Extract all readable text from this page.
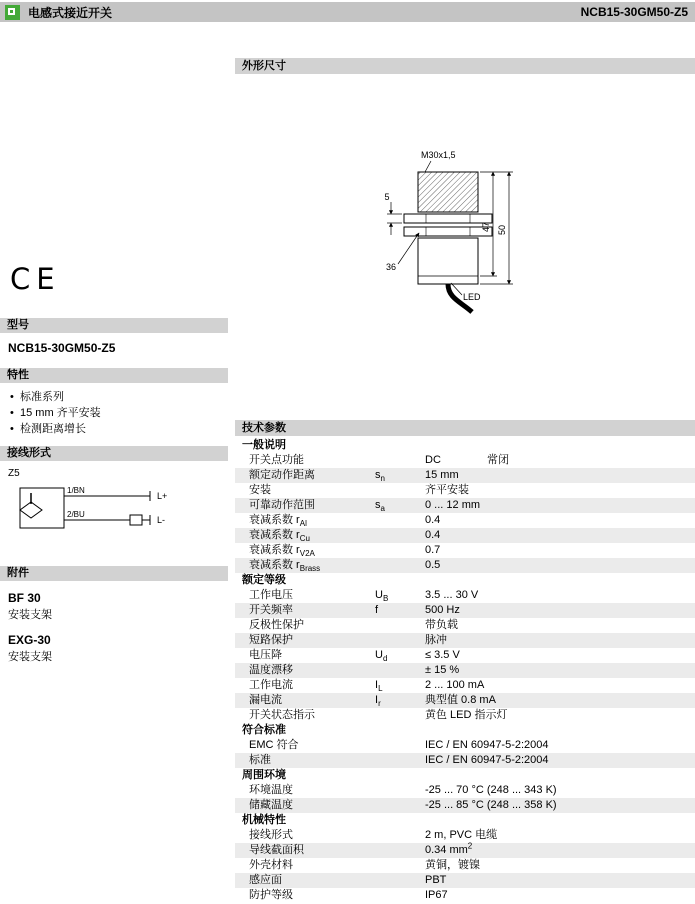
电感式接近开关	NCB15-30GM50-Z5
CE
型号
NCB15-30GM50-Z5
特性
• 标准系列
• 15 mm 齐平安装
• 检测距离增长
接线形式
Z5
1/BN
L+
2/BU
L-
附件
BF 30
安装支架
EXG-30
安装支架
外形尺寸
M30x1,5
47 50
5
36
LED
技术参数
一般说明
开关点功能	DC	常闭
额定动作距离	$s_n$	15 mm
安装	齐平安装
可靠动作范围	$s_a$	0 ... 12 mm
衰减系数 $r_{Al}$	0.4
衰减系数 $r_{Cu}$	0.4
衰减系数 $r_{V2A}$	0.7
衰减系数 $r_{Brass}$	0.5
额定等级
工作电压	$U_B$	3.5 ... 30 V
开关频率	f	500 Hz
反极性保护	带负载
短路保护	脉冲
电压降	$U_d$	≤ 3.5 V
温度漂移	± 15 %
工作电流	$I_L$	2 ... 100 mA
漏电流	$I_r$	典型值 0.8 mA
开关状态指示	黄色 LED 指示灯
符合标准
EMC 符合	IEC / EN 60947-5-2:2004
标准	IEC / EN 60947-5-2:2004
周围环境
环境温度	-25 ... 70 °C (248 ... 343 K)
储藏温度	-25 ... 85 °C (248 ... 358 K)
机械特性
接线形式	2 m, PVC 电缆
导线截面积	0.34 $mm^2$
外壳材料	黄铜，镀镍
感应面	PBT
防护等级	IP67
